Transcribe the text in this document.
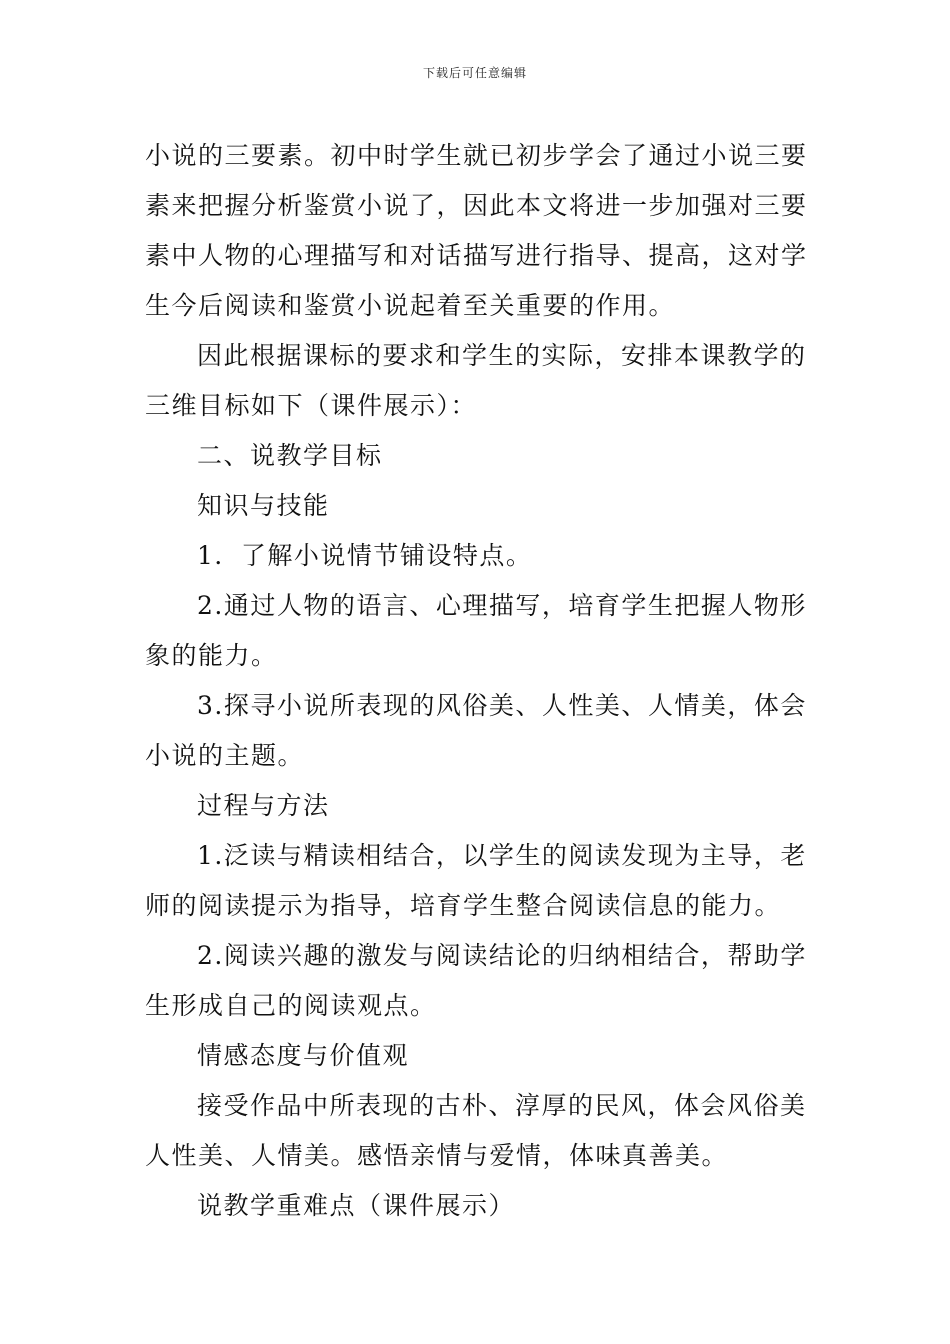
下载后可任意编辑

小说的三要素。初中时学生就已初步学会了通过小说三要素来把握分析鉴赏小说了，因此本文将进一步加强对三要素中人物的心理描写和对话描写进行指导、提高，这对学生今后阅读和鉴赏小说起着至关重要的作用。

因此根据课标的要求和学生的实际，安排本课教学的三维目标如下（课件展示）：

二、说教学目标

知识与技能

1．了解小说情节铺设特点。

2.通过人物的语言、心理描写，培育学生把握人物形象的能力。

3.探寻小说所表现的风俗美、人性美、人情美，体会小说的主题。

过程与方法

1.泛读与精读相结合，以学生的阅读发现为主导，老师的阅读提示为指导，培育学生整合阅读信息的能力。

2.阅读兴趣的激发与阅读结论的归纳相结合，帮助学生形成自己的阅读观点。

情感态度与价值观

接受作品中所表现的古朴、淳厚的民风，体会风俗美人性美、人情美。感悟亲情与爱情，体味真善美。

说教学重难点（课件展示）
